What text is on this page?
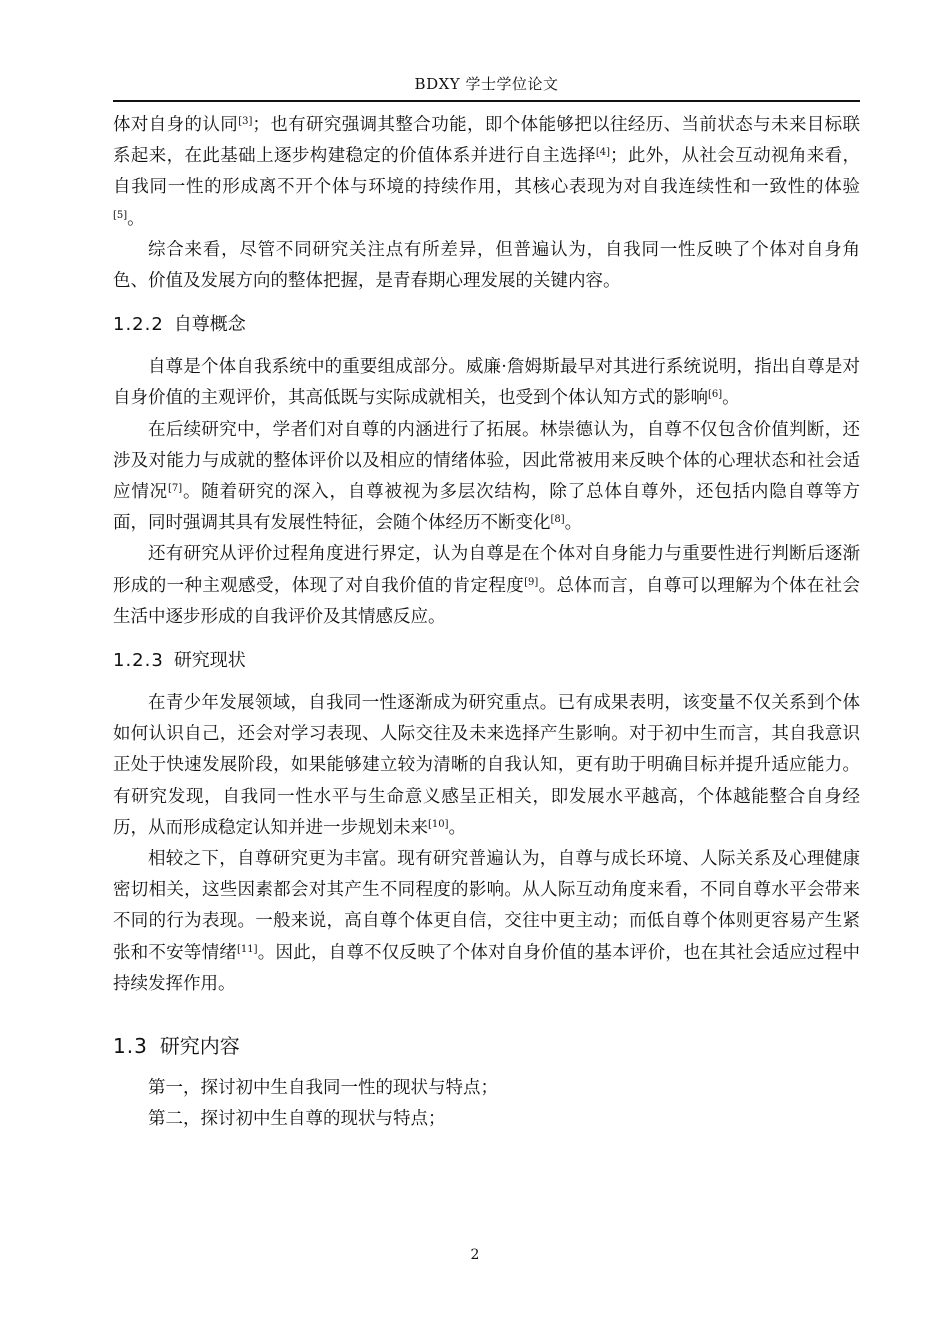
BDXY 学士学位论文

体对自身的认同[3]；也有研究强调其整合功能，即个体能够把以往经历、当前状态与未来目标联系起来，在此基础上逐步构建稳定的价值体系并进行自主选择[4]；此外，从社会互动视角来看，自我同一性的形成离不开个体与环境的持续作用，其核心表现为对自我连续性和一致性的体验[5]。

综合来看，尽管不同研究关注点有所差异，但普遍认为，自我同一性反映了个体对自身角色、价值及发展方向的整体把握，是青春期心理发展的关键内容。

1.2.2 自尊概念

自尊是个体自我系统中的重要组成部分。威廉·詹姆斯最早对其进行系统说明，指出自尊是对自身价值的主观评价，其高低既与实际成就相关，也受到个体认知方式的影响[6]。

在后续研究中，学者们对自尊的内涵进行了拓展。林崇德认为，自尊不仅包含价值判断，还涉及对能力与成就的整体评价以及相应的情绪体验，因此常被用来反映个体的心理状态和社会适应情况[7]。随着研究的深入，自尊被视为多层次结构，除了总体自尊外，还包括内隐自尊等方面，同时强调其具有发展性特征，会随个体经历不断变化[8]。

还有研究从评价过程角度进行界定，认为自尊是在个体对自身能力与重要性进行判断后逐渐形成的一种主观感受，体现了对自我价值的肯定程度[9]。总体而言，自尊可以理解为个体在社会生活中逐步形成的自我评价及其情感反应。

1.2.3 研究现状

在青少年发展领域，自我同一性逐渐成为研究重点。已有成果表明，该变量不仅关系到个体如何认识自己，还会对学习表现、人际交往及未来选择产生影响。对于初中生而言，其自我意识正处于快速发展阶段，如果能够建立较为清晰的自我认知，更有助于明确目标并提升适应能力。有研究发现，自我同一性水平与生命意义感呈正相关，即发展水平越高，个体越能整合自身经历，从而形成稳定认知并进一步规划未来[10]。

相较之下，自尊研究更为丰富。现有研究普遍认为，自尊与成长环境、人际关系及心理健康密切相关，这些因素都会对其产生不同程度的影响。从人际互动角度来看，不同自尊水平会带来不同的行为表现。一般来说，高自尊个体更自信，交往中更主动；而低自尊个体则更容易产生紧张和不安等情绪[11]。因此，自尊不仅反映了个体对自身价值的基本评价，也在其社会适应过程中持续发挥作用。

1.3 研究内容

第一，探讨初中生自我同一性的现状与特点；

第二，探讨初中生自尊的现状与特点；

2
